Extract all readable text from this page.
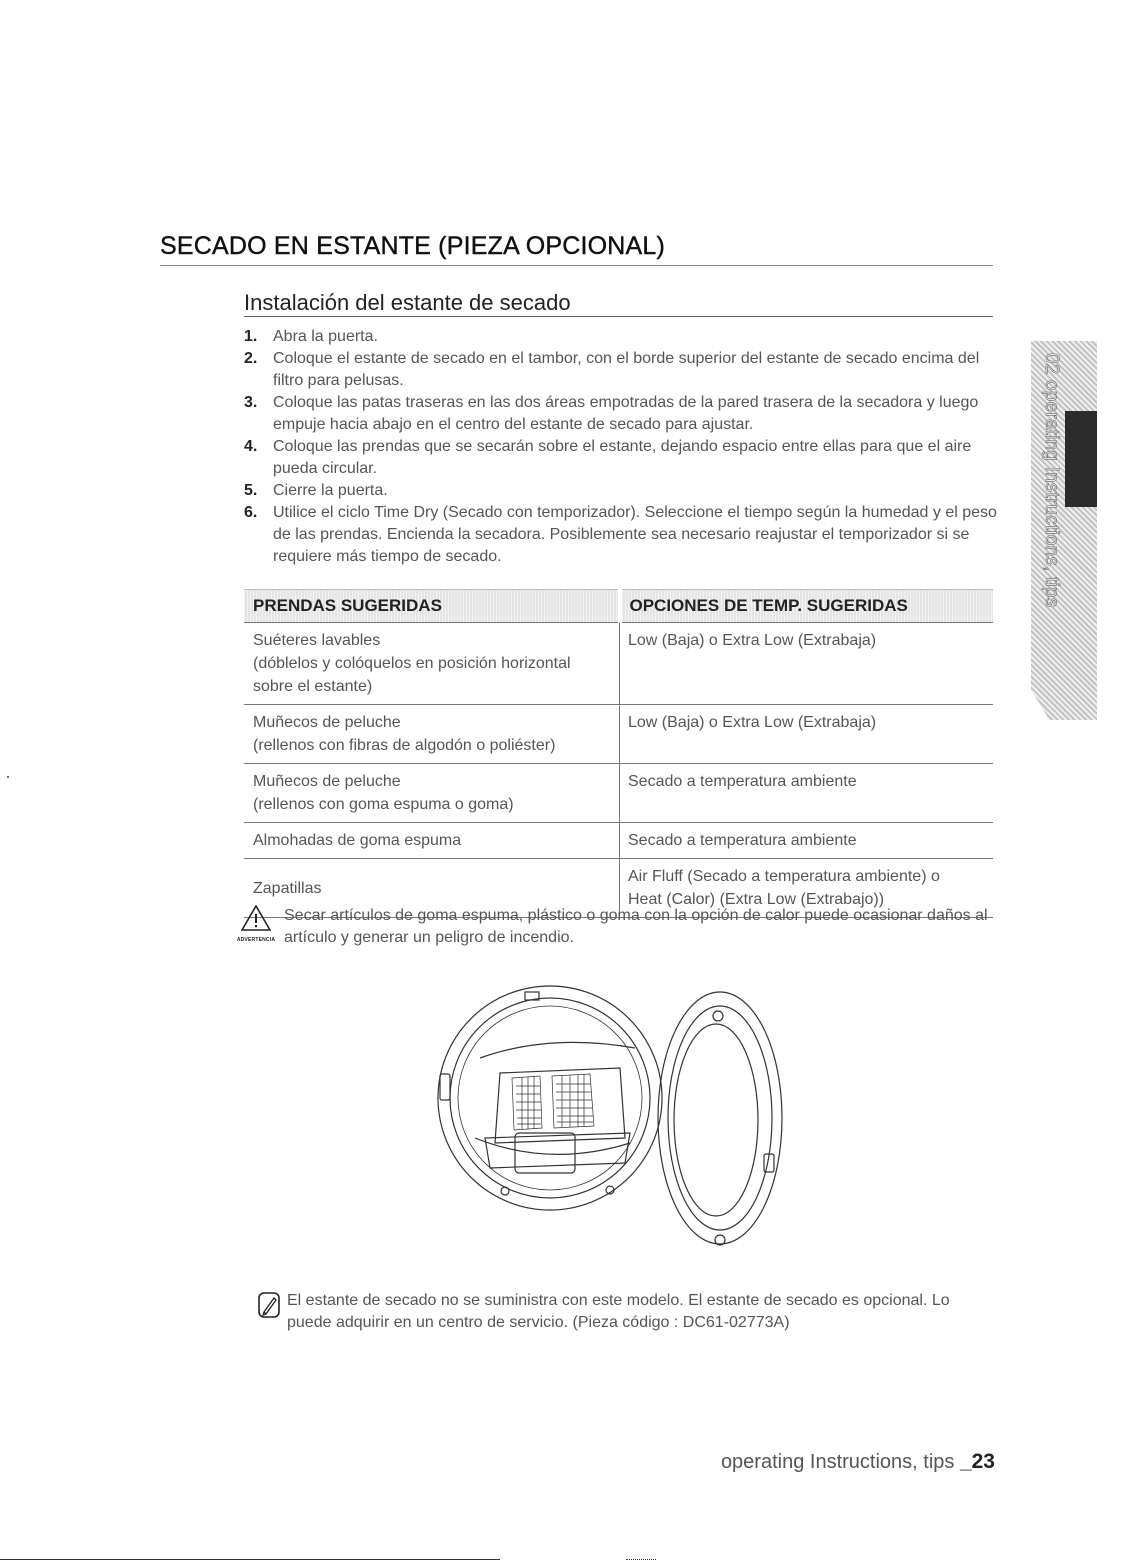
SECADO EN ESTANTE (PIEZA OPCIONAL)
Instalación del estante de secado
1. Abra la puerta.
2. Coloque el estante de secado en el tambor, con el borde superior del estante de secado encima del filtro para pelusas.
3. Coloque las patas traseras en las dos áreas empotradas de la pared trasera de la secadora y luego empuje hacia abajo en el centro del estante de secado para ajustar.
4. Coloque las prendas que se secarán sobre el estante, dejando espacio entre ellas para que el aire pueda circular.
5. Cierre la puerta.
6. Utilice el ciclo Time Dry (Secado con temporizador). Seleccione el tiempo según la humedad y el peso de las prendas. Encienda la secadora. Posiblemente sea necesario reajustar el temporizador si se requiere más tiempo de secado.
PRENDAS SUGERIDAS	OPCIONES DE TEMP. SUGERIDAS

Suéteres lavables
(dóblelos y colóquelos en posición horizontal sobre el estante)	Low (Baja) o Extra Low (Extrabaja)

Muñecos de peluche
(rellenos con fibras de algodón o poliéster)	Low (Baja) o Extra Low (Extrabaja)

Muñecos de peluche
(rellenos con goma espuma o goma)	Secado a temperatura ambiente
Almohadas de goma espuma	Secado a temperatura ambiente
Zapatillas	Air Fluff (Secado a temperatura ambiente) o
Heat (Calor) (Extra Low (Extrabajo))
ADVERTENCIA
Secar artículos de goma espuma, plástico o goma con la opción de calor puede ocasionar daños al artículo y generar un peligro de incendio.
El estante de secado no se suministra con este modelo. El estante de secado es opcional. Lo puede adquirir en un centro de servicio. (Pieza código : DC61-02773A)
02 operating Instructions, tips
operating Instructions, tips _23
